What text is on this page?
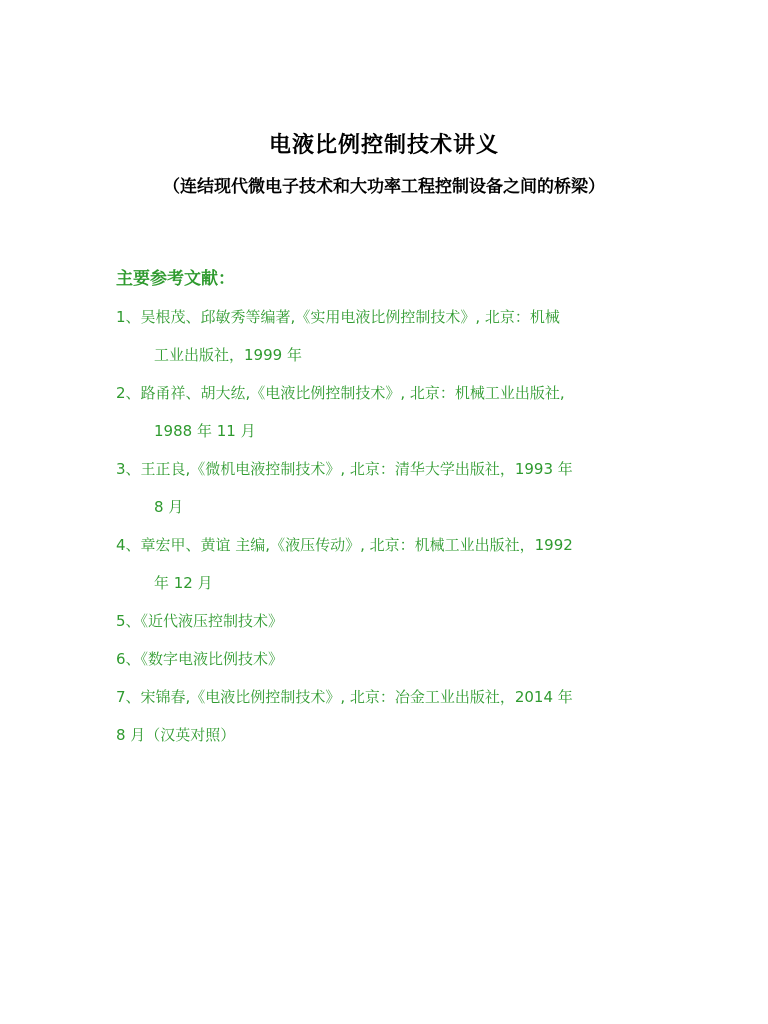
电液比例控制技术讲义
（连结现代微电子技术和大功率工程控制设备之间的桥梁）
主要参考文献：
1、吴根茂、邱敏秀等编著,《实用电液比例控制技术》, 北京：机械
工业出版社，1999 年
2、路甬祥、胡大纮,《电液比例控制技术》, 北京：机械工业出版社,
1988 年 11 月
3、王正良,《微机电液控制技术》, 北京：清华大学出版社，1993 年
8 月
4、章宏甲、黄谊 主编,《液压传动》, 北京：机械工业出版社，1992
年 12 月
5、《近代液压控制技术》
6、《数字电液比例技术》
7、宋锦春,《电液比例控制技术》, 北京：冶金工业出版社，2014 年
8 月（汉英对照）
